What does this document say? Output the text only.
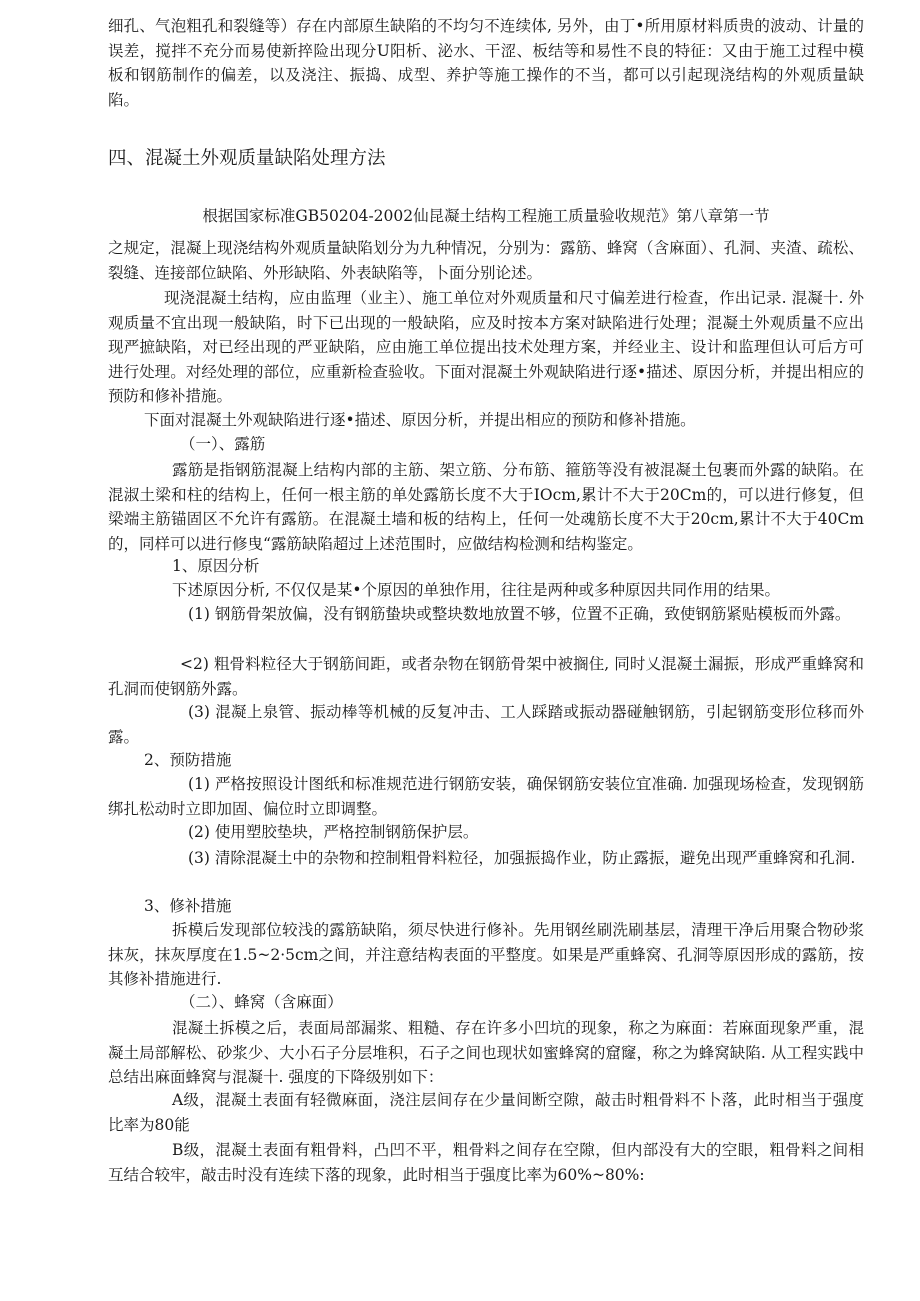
细孔、气泡粗孔和裂缝等）存在内部原生缺陷的不均匀不连续体, 另外，由丁•所用原材料质贵的波动、计量的误差，搅拌不充分而易使新捽险出现分U阳析、泌水、干涩、板结等和易性不良的特征：又由于施工过程中模板和钢筋制作的偏差，以及浇注、振捣、成型、养护等施工操作的不当，都可以引起现浇结构的外观质量缺陷。
四、混凝土外观质量缺陷处理方法
根据国家标准GB50204-2002仙昆凝土结构工程施工质量验收规范》第八章第一节
之规定，混凝上现浇结构外观质量缺陷划分为九种情况，分别为：露筋、蜂窝（含麻面）、孔洞、夹渣、疏松、裂缝、连接部位缺陷、外形缺陷、外表缺陷等，卜面分别论述。
现浇混凝土结构，应由监理（业主）、施工单位对外观质量和尺寸偏差进行检查，作出记录. 混凝十. 外观质量不宜出现一般缺陷，时下已出现的一般缺陷，应及时按本方案对缺陷进行处理；混凝土外观质量不应出现严摭缺陷，对已经出现的严亚缺陷，应由施工单位提出技术处理方案，并经业主、设计和监理但认可后方可进行处理。对经处理的部位，应重新检查验收。下面对混凝土外观缺陷进行逐•描述、原因分析，并提出相应的预防和修补措施。
下面对混凝土外观缺陷进行逐•描述、原因分析，并提出相应的预防和修补措施。
（一）、露筋
露筋是指钢筋混凝上结构内部的主筋、架立筋、分布筋、箍筋等没有被混凝土包裹而外露的缺陷。在混淑土梁和柱的结构上，任何一根主筋的单处露筋长度不大于IOcm,累计不大于20Cm的，可以进行修复，但梁端主筋锚固区不允许有露筋。在混凝土墙和板的结构上，任何一处魂筋长度不大于20cm,累计不大于40Cm的，同样可以进行修曳“露筋缺陷超过上述范围时，应做结构检测和结构鉴定。
1、原因分析
下述原因分析, 不仅仅是某•个原因的单独作用，往往是两种或多种原因共同作用的结果。
(1) 钢筋骨架放偏，没有钢筋蛰块或整块数地放置不够，位置不正确，致使钢筋紧贴模板而外露。
<2) 粗骨料粒径大于钢筋间距，或者杂物在钢筋骨架中被搁住, 同时乂混凝土漏振，形成严重蜂窝和孔洞而使钢筋外露。
(3) 混凝上泉管、振动棒等机械的反复冲击、工人踩踏或振动器碰触钢筋，引起钢筋变形位移而外露。
2、预防措施
(1) 严格按照设计图纸和标准规范进行钢筋安装，确保钢筋安装位宜准确. 加强现场检查，发现钢筋绑扎松动时立即加固、偏位时立即调整。
(2) 使用塑胶垫块，严格控制钢筋保护层。
(3) 清除混凝土中的杂物和控制粗骨料粒径，加强振捣作业，防止露振，避免出现严重蜂窝和孔洞.
3、修补措施
拆模后发现部位较浅的露筋缺陷，须尽快进行修补。先用钢丝刷洗刷基层，清理干净后用聚合物砂浆抹灰，抹灰厚度在1.5~2·5cm之间，并注意结构表面的平整度。如果是严重蜂窝、孔洞等原因形成的露筋，按其修补措施进行.
（二）、蜂窝（含麻面）
混凝土拆模之后，表面局部漏浆、粗糙、存在许多小凹坑的现象，称之为麻面：若麻面现象严重，混凝土局部解松、砂浆少、大小石子分层堆积，石子之间也现状如蜜蜂窝的窟窿，称之为蜂窝缺陷. 从工程实践中总结出麻面蜂窝与混凝十. 强度的下降级别如下：
A级，混凝土表面有轻微麻面，浇注层间存在少量间断空隙，敲击时粗骨料不卜落，此时相当于强度比率为80能
B级，混凝土表面有粗骨料，凸凹不平，粗骨料之间存在空隙，但内部没有大的空眼，粗骨料之间相互结合较牢，敲击时没有连续下落的现象，此时相当于强度比率为60%~80%:
